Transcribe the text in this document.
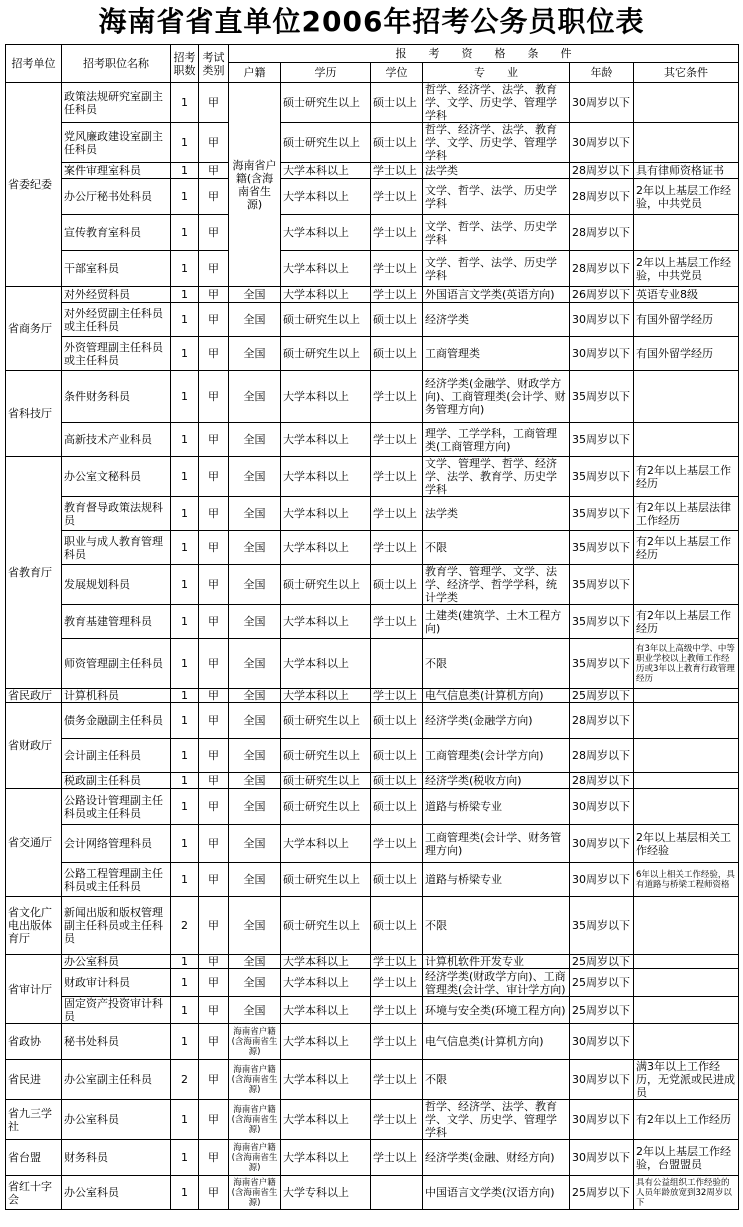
海南省省直单位2006年招考公务员职位表
招考单位	招考职位名称	招考职数	考试类别	报　　考　　资　　格　　条　　件					
				户籍	学历	学位	专　　业	年龄	其它条件
省委纪委	政策法规研究室副主任科员	1	甲	海南省户籍(含海南省生源)	硕士研究生以上	硕士以上	哲学、经济学、法学、教育学、文学、历史学、管理学学科	30周岁以下	
	党风廉政建设室副主任科员	1	甲		硕士研究生以上	硕士以上	哲学、经济学、法学、教育学、文学、历史学、管理学学科	30周岁以下	
	案件审理室科员	1	甲		大学本科以上	学士以上	法学类	28周岁以下	具有律师资格证书
	办公厅秘书处科员	1	甲		大学本科以上	学士以上	文学、哲学、法学、历史学学科	28周岁以下	2年以上基层工作经验，中共党员
	宣传教育室科员	1	甲		大学本科以上	学士以上	文学、哲学、法学、历史学学科	28周岁以下	
	干部室科员	1	甲		大学本科以上	学士以上	文学、哲学、法学、历史学学科	28周岁以下	2年以上基层工作经验，中共党员
省商务厅	对外经贸科员	1	甲	全国	大学本科以上	学士以上	外国语言文学类(英语方向)	26周岁以下	英语专业8级
	对外经贸副主任科员或主任科员	1	甲	全国	硕士研究生以上	硕士以上	经济学类	30周岁以下	有国外留学经历
	外资管理副主任科员或主任科员	1	甲	全国	硕士研究生以上	硕士以上	工商管理类	30周岁以下	有国外留学经历
省科技厅	条件财务科员	1	甲	全国	大学本科以上	学士以上	经济学类(金融学、财政学方向)、工商管理类(会计学、财务管理方向)	35周岁以下	
	高新技术产业科员	1	甲	全国	大学本科以上	学士以上	理学、工学学科，工商管理类(工商管理方向)	35周岁以下	
省教育厅	办公室文秘科员	1	甲	全国	大学本科以上	学士以上	文学、管理学、哲学、经济学、法学、教育学、历史学学科	35周岁以下	有2年以上基层工作经历
	教育督导政策法规科员	1	甲	全国	大学本科以上	学士以上	法学类	35周岁以下	有2年以上基层法律工作经历
	职业与成人教育管理科员	1	甲	全国	大学本科以上	学士以上	不限	35周岁以下	有2年以上基层工作经历
	发展规划科员	1	甲	全国	硕士研究生以上	硕士以上	教育学、管理学、文学、法学、经济学、哲学学科，统计学类	35周岁以下	
	教育基建管理科员	1	甲	全国	大学本科以上	学士以上	土建类(建筑学、土木工程方向)	35周岁以下	有2年以上基层工作经历
	师资管理副主任科员	1	甲	全国	大学本科以上		不限	35周岁以下	有3年以上高级中学、中等职业学校以上教师工作经历或3年以上教育行政管理经历
省民政厅	计算机科员	1	甲	全国	大学本科以上	学士以上	电气信息类(计算机方向)	25周岁以下	
省财政厅	债务金融副主任科员	1	甲	全国	硕士研究生以上	硕士以上	经济学类(金融学方向)	28周岁以下	
	会计副主任科员	1	甲	全国	硕士研究生以上	硕士以上	工商管理类(会计学方向)	28周岁以下	
	税政副主任科员	1	甲	全国	硕士研究生以上	硕士以上	经济学类(税收方向)	28周岁以下	
省交通厅	公路设计管理副主任科员或主任科员	1	甲	全国	硕士研究生以上	硕士以上	道路与桥梁专业	30周岁以下	
	会计网络管理科员	1	甲	全国	大学本科以上	学士以上	工商管理类(会计学、财务管理方向)	30周岁以下	2年以上基层相关工作经验
	公路工程管理副主任科员或主任科员	1	甲	全国	硕士研究生以上	硕士以上	道路与桥梁专业	30周岁以下	6年以上相关工作经验，具有道路与桥梁工程师资格
省文化广电出版体育厅	新闻出版和版权管理副主任科员或主任科员	2	甲	全国	硕士研究生以上	硕士以上	不限	35周岁以下	
省审计厅	办公室科员	1	甲	全国	大学本科以上	学士以上	计算机软件开发专业	25周岁以下	
	财政审计科员	1	甲	全国	大学本科以上	学士以上	经济学类(财政学方向)、工商管理类(会计学、审计学方向)	25周岁以下	
	固定资产投资审计科员	1	甲	全国	大学本科以上	学士以上	环境与安全类(环境工程方向)	25周岁以下	
省政协	秘书处科员	1	甲	海南省户籍(含海南省生源)	大学本科以上	学士以上	电气信息类(计算机方向)	30周岁以下	
省民进	办公室副主任科员	2	甲	海南省户籍(含海南省生源)	大学本科以上	学士以上	不限	30周岁以下	满3年以上工作经历，无党派或民进成员
省九三学社	办公室科员	1	甲	海南省户籍(含海南省生源)	大学本科以上	学士以上	哲学、经济学、法学、教育学、文学、历史学、管理学学科	30周岁以下	有2年以上工作经历
省台盟	财务科员	1	甲	海南省户籍(含海南省生源)	大学本科以上	学士以上	经济学类(金融、财经方向)	30周岁以下	2年以上基层工作经验，台盟盟员
省红十字会	办公室科员	1	甲	海南省户籍(含海南省生源)	大学专科以上		中国语言文学类(汉语方向)	25周岁以下	具有公益组织工作经验的人员年龄放宽到32周岁以下
